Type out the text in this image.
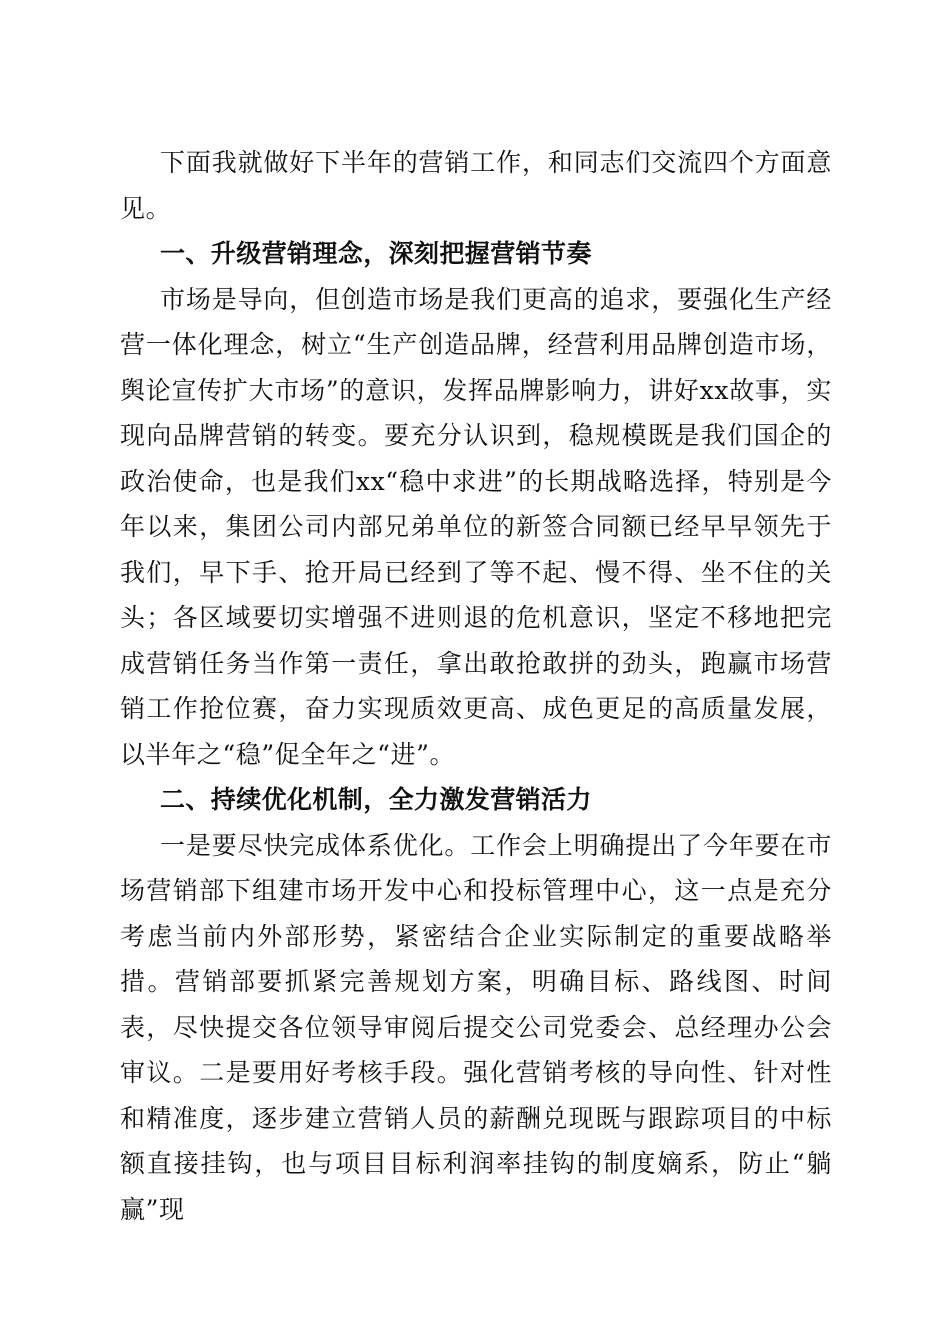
下面我就做好下半年的营销工作，和同志们交流四个方面意见。

一、升级营销理念，深刻把握营销节奏

市场是导向，但创造市场是我们更高的追求，要强化生产经营一体化理念，树立“生产创造品牌，经营利用品牌创造市场，舆论宣传扩大市场”的意识，发挥品牌影响力，讲好xx故事，实现向品牌营销的转变。要充分认识到，稳规模既是我们国企的政治使命，也是我们xx“稳中求进”的长期战略选择，特别是今年以来，集团公司内部兄弟单位的新签合同额已经早早领先于我们，早下手、抢开局已经到了等不起、慢不得、坐不住的关头；各区域要切实增强不进则退的危机意识，坚定不移地把完成营销任务当作第一责任，拿出敢抢敢拼的劲头，跑赢市场营销工作抢位赛，奋力实现质效更高、成色更足的高质量发展，以半年之“稳”促全年之“进”。

二、持续优化机制，全力激发营销活力

一是要尽快完成体系优化。工作会上明确提出了今年要在市场营销部下组建市场开发中心和投标管理中心，这一点是充分考虑当前内外部形势，紧密结合企业实际制定的重要战略举措。营销部要抓紧完善规划方案，明确目标、路线图、时间表，尽快提交各位领导审阅后提交公司党委会、总经理办公会审议。二是要用好考核手段。强化营销考核的导向性、针对性和精准度，逐步建立营销人员的薪酬兑现既与跟踪项目的中标额直接挂钩，也与项目目标利润率挂钩的制度嫡系，防止“躺赢”现
